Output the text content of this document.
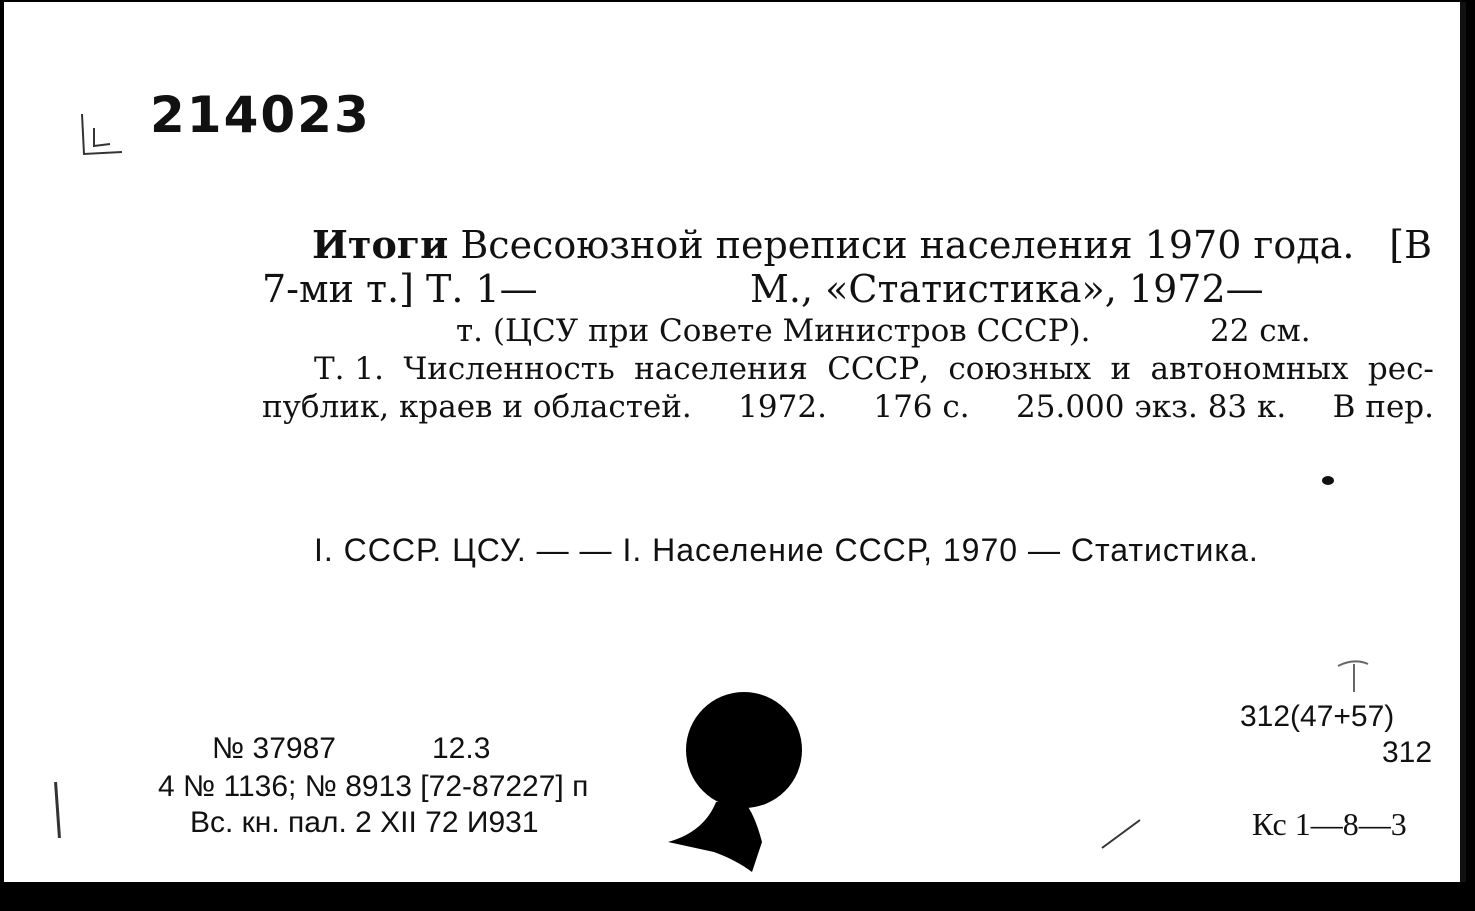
214023
Итоги Всесоюзной переписи населения 1970 года. [В
7-ми т.] Т. 1—	М., «Статистика», 1972—
т. (ЦСУ при Совете Министров СССР).	22 см.
Т. 1. Численность населения СССР, союзных и автономных рес-
публик, краев и областей. 1972. 176 с. 25.000 экз. 83 к. В пер.
I. СССР. ЦСУ. — — I. Население СССР, 1970 — Статистика.
312(47+57)
312
Кс 1—8—3
№ 37987	12.3
4 № 1136; № 8913 [72-87227] п
Вс. кн. пал. 2 XII 72 И931
